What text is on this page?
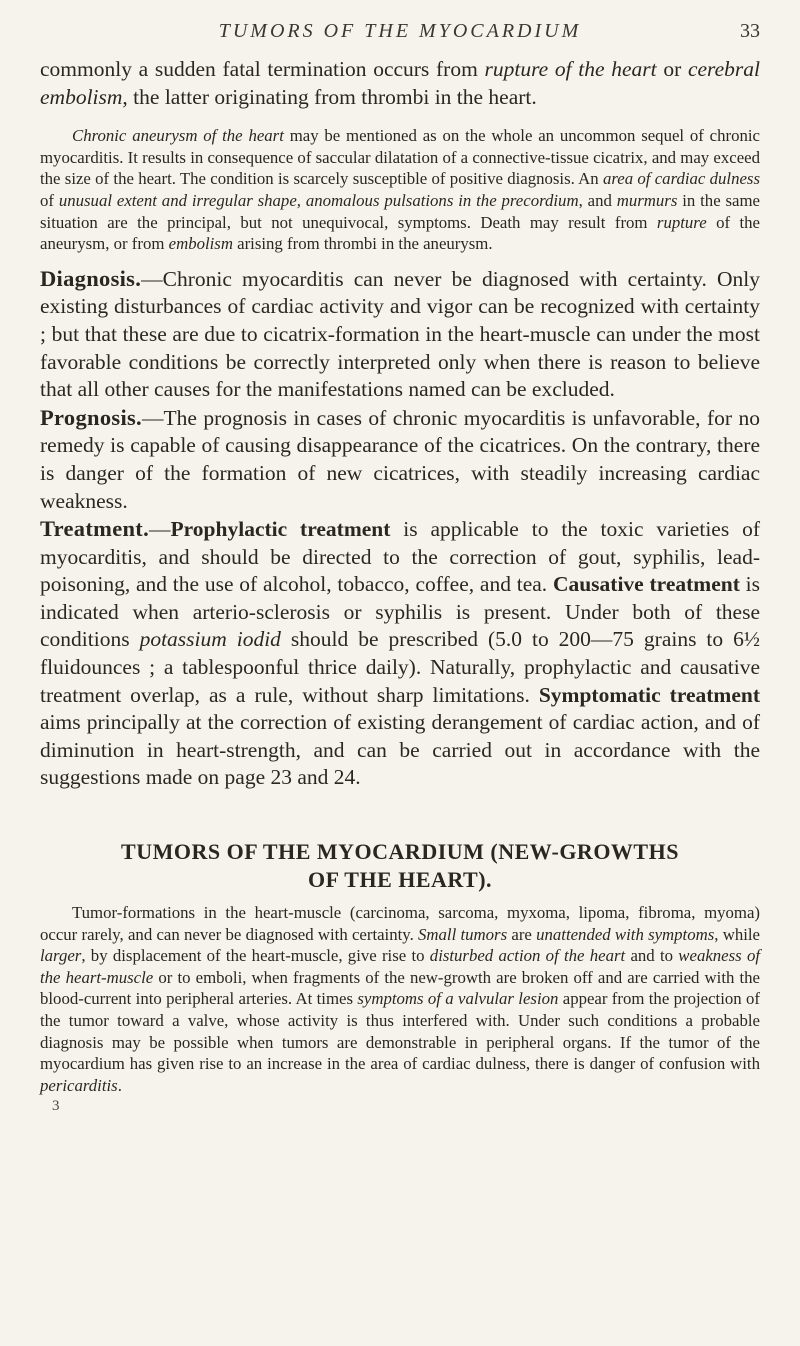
TUMORS OF THE MYOCARDIUM	33

commonly a sudden fatal termination occurs from rupture of the heart or cerebral embolism, the latter originating from thrombi in the heart.

Chronic aneurysm of the heart may be mentioned as on the whole an uncommon sequel of chronic myocarditis. It results in consequence of saccular dilatation of a connective-tissue cicatrix, and may exceed the size of the heart. The condition is scarcely susceptible of positive diagnosis. An area of cardiac dulness of unusual extent and irregular shape, anomalous pulsations in the precordium, and murmurs in the same situation are the principal, but not unequivocal, symptoms. Death may result from rupture of the aneurysm, or from embolism arising from thrombi in the aneurysm.

Diagnosis.—Chronic myocarditis can never be diagnosed with certainty. Only existing disturbances of cardiac activity and vigor can be recognized with certainty ; but that these are due to cicatrix-formation in the heart-muscle can under the most favorable conditions be correctly interpreted only when there is reason to believe that all other causes for the manifestations named can be excluded.

Prognosis.—The prognosis in cases of chronic myocarditis is unfavorable, for no remedy is capable of causing disappearance of the cicatrices. On the contrary, there is danger of the formation of new cicatrices, with steadily increasing cardiac weakness.

Treatment.—Prophylactic treatment is applicable to the toxic varieties of myocarditis, and should be directed to the correction of gout, syphilis, lead-poisoning, and the use of alcohol, tobacco, coffee, and tea. Causative treatment is indicated when arterio-sclerosis or syphilis is present. Under both of these conditions potassium iodid should be prescribed (5.0 to 200—75 grains to 6½ fluidounces ; a tablespoonful thrice daily). Naturally, prophylactic and causative treatment overlap, as a rule, without sharp limitations. Symptomatic treatment aims principally at the correction of existing derangement of cardiac action, and of diminution in heart-strength, and can be carried out in accordance with the suggestions made on page 23 and 24.

TUMORS OF THE MYOCARDIUM (NEW-GROWTHS
OF THE HEART).

Tumor-formations in the heart-muscle (carcinoma, sarcoma, myxoma, lipoma, fibroma, myoma) occur rarely, and can never be diagnosed with certainty. Small tumors are unattended with symptoms, while larger, by displacement of the heart-muscle, give rise to disturbed action of the heart and to weakness of the heart-muscle or to emboli, when fragments of the new-growth are broken off and are carried with the blood-current into peripheral arteries. At times symptoms of a valvular lesion appear from the projection of the tumor toward a valve, whose activity is thus interfered with. Under such conditions a probable diagnosis may be possible when tumors are demonstrable in peripheral organs. If the tumor of the myocardium has given rise to an increase in the area of cardiac dulness, there is danger of confusion with pericarditis.

3
